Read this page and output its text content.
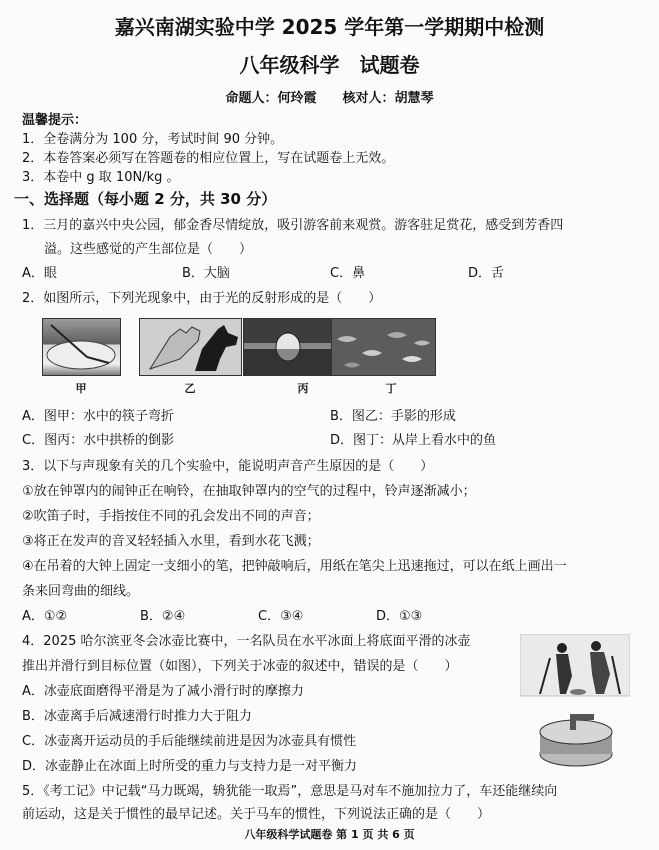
嘉兴南湖实验中学 2025 学年第一学期期中检测
八年级科学　试题卷
命题人：何玲霞　　核对人：胡慧琴
温馨提示：
1．全卷满分为 100 分，考试时间 90 分钟。
2．本卷答案必须写在答题卷的相应位置上，写在试题卷上无效。
3．本卷中 g 取 10N/kg 。
一、选择题（每小题 2 分，共 30 分）
1．三月的嘉兴中央公园，郁金香尽情绽放，吸引游客前来观赏。游客驻足赏花，感受到芳香四
溢。这些感觉的产生部位是（　　）
A．眼	B．大脑	C．鼻	D．舌
2．如图所示，下列光现象中，由于光的反射形成的是（　　）
甲	乙	丙	丁
A．图甲：水中的筷子弯折	B．图乙：手影的形成
C．图丙：水中拱桥的倒影	D．图丁：从岸上看水中的鱼
3．以下与声现象有关的几个实验中，能说明声音产生原因的是（　　）
①放在钟罩内的闹钟正在响铃，在抽取钟罩内的空气的过程中，铃声逐渐减小；
②吹笛子时，手指按住不同的孔会发出不同的声音；
③将正在发声的音叉轻轻插入水里，看到水花飞溅；
④在吊着的大钟上固定一支细小的笔，把钟敲响后，用纸在笔尖上迅速拖过，可以在纸上画出一
条来回弯曲的细线。
A．①②	B．②④	C．③④	D．①③
4．2025 哈尔滨亚冬会冰壶比赛中，一名队员在水平冰面上将底面平滑的冰壶
推出并滑行到目标位置（如图），下列关于冰壶的叙述中，错误的是（　　）
A．冰壶底面磨得平滑是为了减小滑行时的摩擦力
B．冰壶离手后减速滑行时推力大于阻力
C．冰壶离开运动员的手后能继续前进是因为冰壶具有惯性
D．冰壶静止在冰面上时所受的重力与支持力是一对平衡力
5．《考工记》中记载“马力既竭，辀犹能一取焉”，意思是马对车不施加拉力了，车还能继续向
前运动，这是关于惯性的最早记述。关于马车的惯性，下列说法正确的是（　　）
八年级科学试题卷 第 1 页 共 6 页
